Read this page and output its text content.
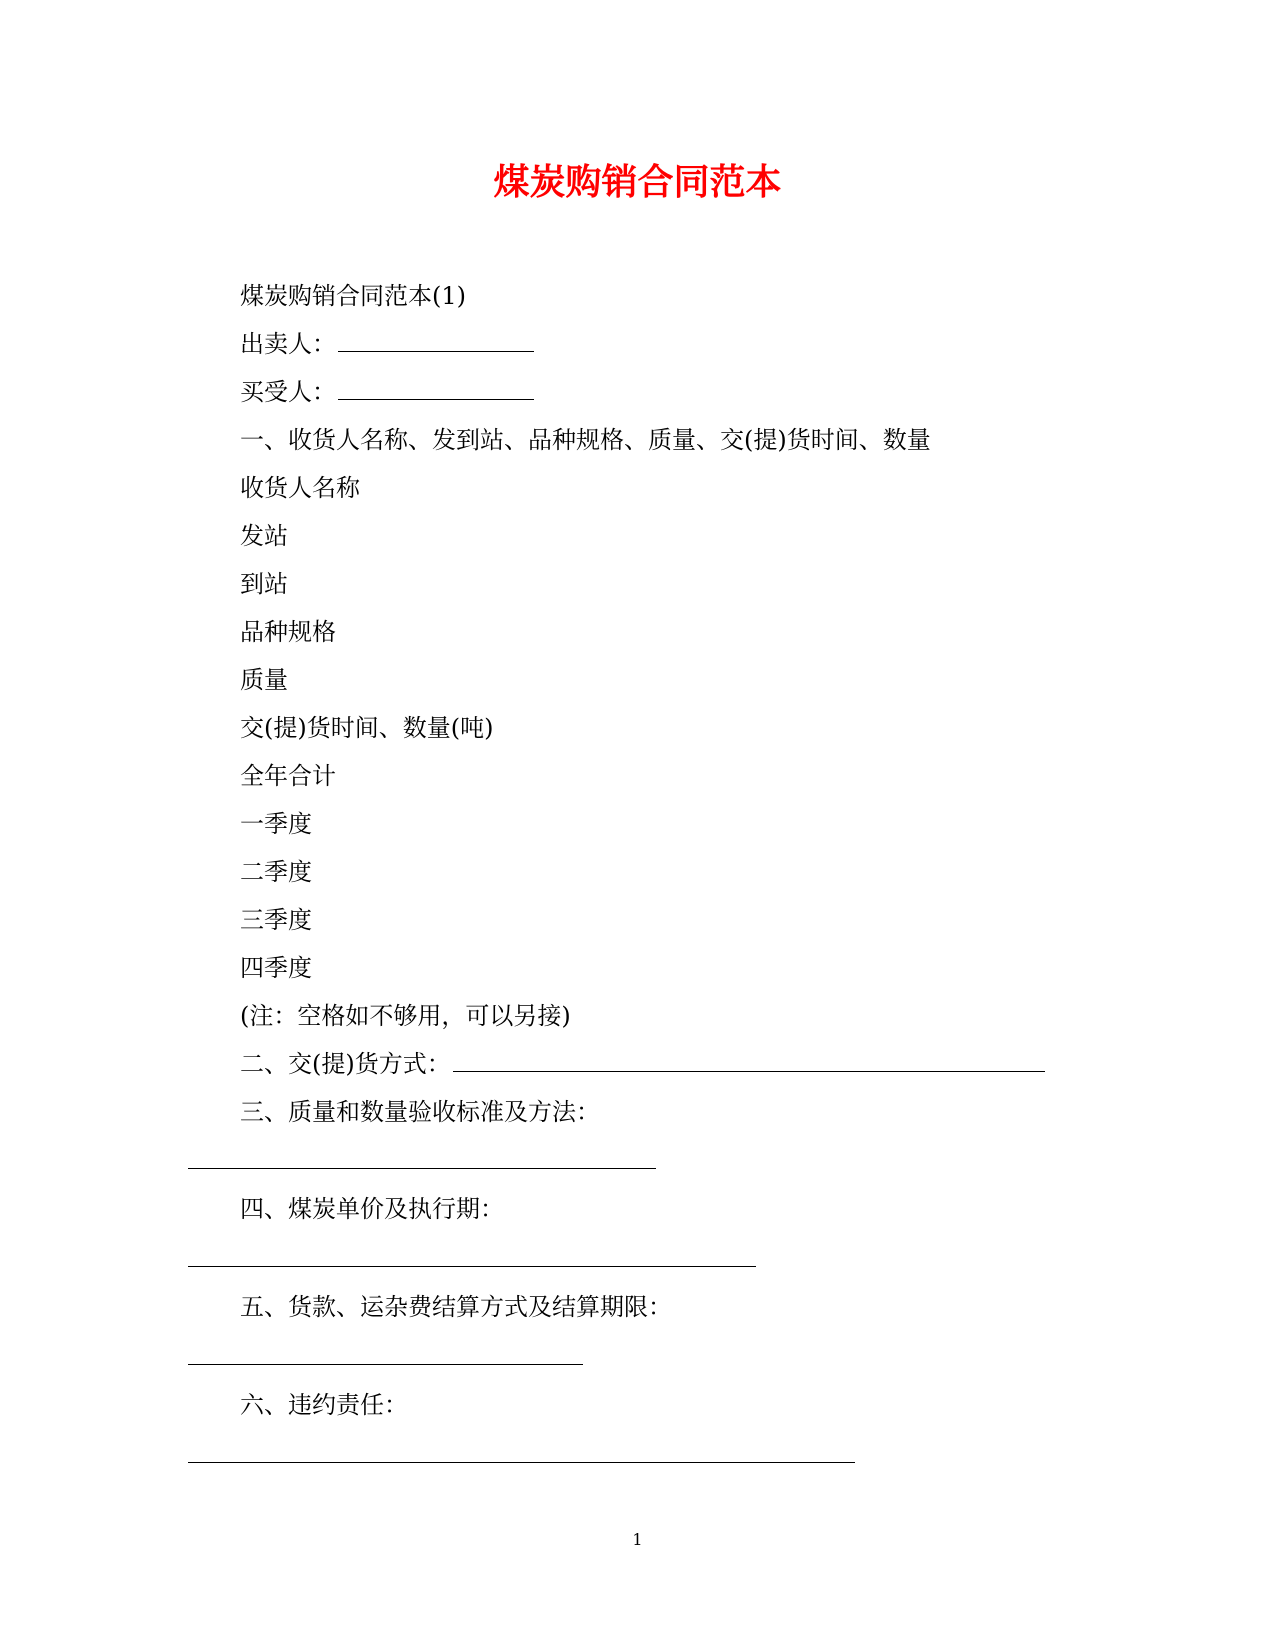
煤炭购销合同范本
煤炭购销合同范本(1)
出卖人：
买受人：
一、收货人名称、发到站、品种规格、质量、交(提)货时间、数量
收货人名称
发站
到站
品种规格
质量
交(提)货时间、数量(吨)
全年合计
一季度
二季度
三季度
四季度
(注：空格如不够用，可以另接)
二、交(提)货方式：
三、质量和数量验收标准及方法：
四、煤炭单价及执行期：
五、货款、运杂费结算方式及结算期限：
六、违约责任：
1
